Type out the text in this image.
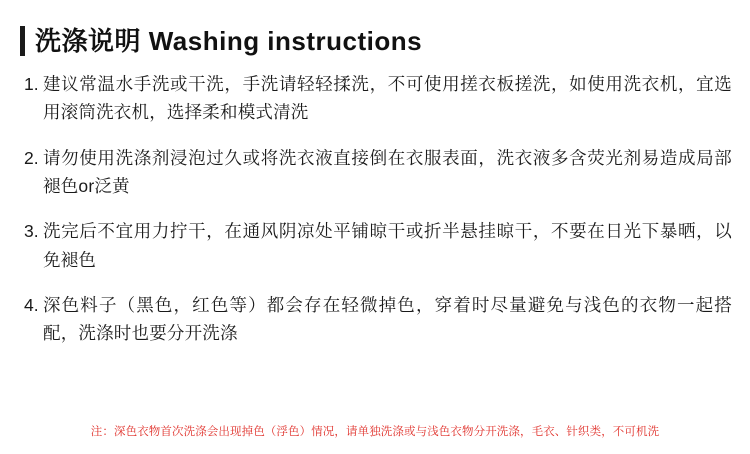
洗涤说明 Washing instructions
1. 建议常温水手洗或干洗，手洗请轻轻揉洗，不可使用搓衣板搓洗，如使用洗衣机，宜选用滚筒洗衣机，选择柔和模式清洗
2. 请勿使用洗涤剂浸泡过久或将洗衣液直接倒在衣服表面，洗衣液多含荧光剂易造成局部褪色or泛黄
3. 洗完后不宜用力拧干，在通风阴凉处平铺晾干或折半悬挂晾干，不要在日光下暴晒，以免褪色
4. 深色料子（黑色，红色等）都会存在轻微掉色，穿着时尽量避免与浅色的衣物一起搭配，洗涤时也要分开洗涤
注：深色衣物首次洗涤会出现掉色（浮色）情况，请单独洗涤或与浅色衣物分开洗涤，毛衣、针织类，不可机洗
